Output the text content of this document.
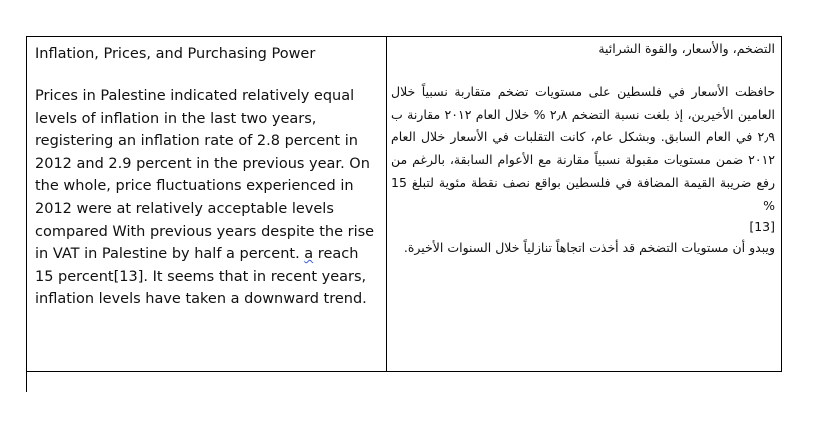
Inflation, Prices, and Purchasing Power

Prices in Palestine indicated relatively equal levels of inflation in the last two years, registering an inflation rate of 2.8 percent in 2012 and 2.9 percent in the previous year. On the whole, price fluctuations experienced in 2012 were at relatively acceptable levels compared With previous years despite the rise in VAT in Palestine by half a percent. a reach 15 percent[13]. It seems that in recent years, inflation levels have taken a downward trend.

التضخم، والأسعار، والقوة الشرائية

حافظت الأسعار في فلسطين على مستويات تضخم متقاربة نسبياً خلال العامين الأخيرين، إذ بلغت نسبة التضخم ٢٫٨ % خلال العام ٢٠١٢ مقارنة ب ٢٫٩ في العام السابق. وبشكل عام، كانت التقلبات في الأسعار خلال العام ٢٠١٢ ضمن مستويات مقبولة نسبياً مقارنة مع الأعوام السابقة، بالرغم من رفع ضريبة القيمة المضافة في فلسطين بواقع نصف نقطة مئوية لتبلغ 15 %

[13]

ويبدو أن مستويات التضخم قد أخذت اتجاهاً تنازلياً خلال السنوات الأخيرة.
